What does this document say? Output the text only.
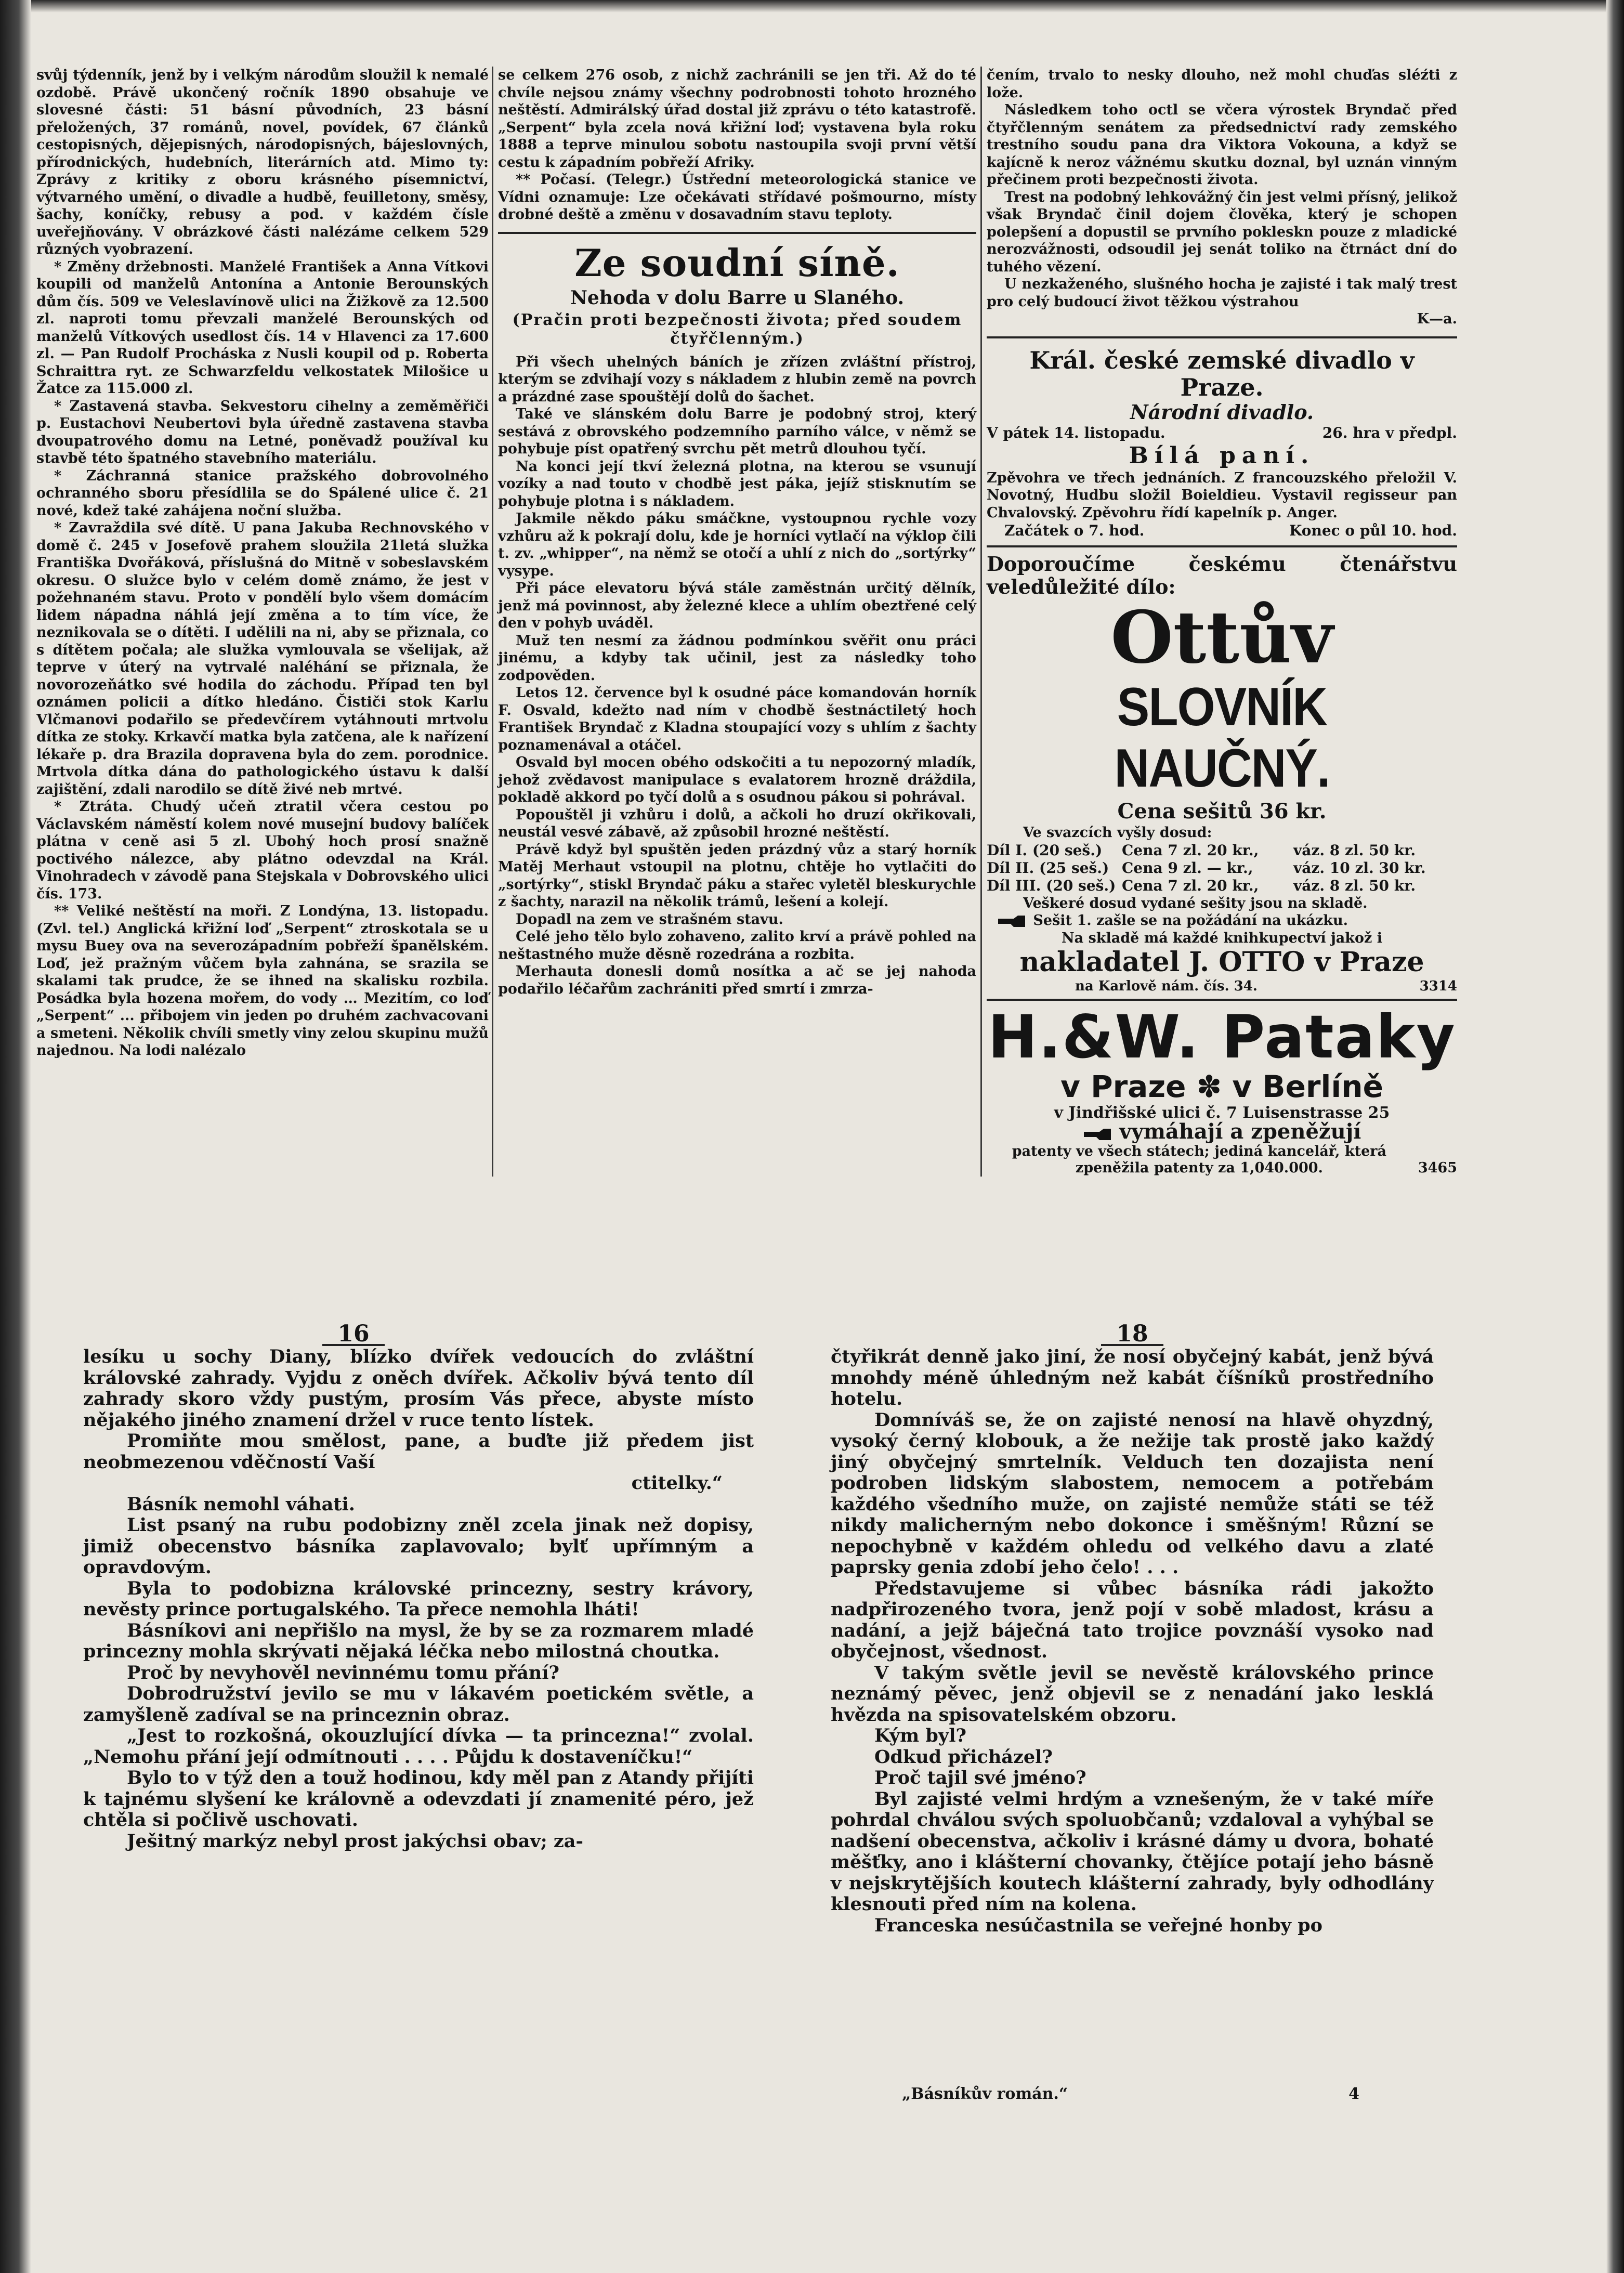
svůj týdenník, jenž by i velkým národům sloužil k nemalé ozdobě. Právě ukončený ročník 1890 obsahuje ve slovesné části: 51 básní původních, 23 básní přeložených, 37 románů, novel, povídek, 67 článků cestopisných, dějepisných, národopisných, bájeslovných, přírodnických, hudebních, literárních atd. Mimo ty: Zprávy z kritiky z oboru krásného písemnictví, výtvarného umění, o divadle a hudbě, feuilletony, směsy, šachy, koníčky, rebusy a pod. v každém čísle uveřejňovány. V obrázkové části nalézáme celkem 529 různých vyobrazení.

* Změny držebnosti. Manželé František a Anna Vítkovi koupili od manželů Antonína a Antonie Berounských dům čís. 509 ve Veleslavínově ulici na Žižkově za 12.500 zl. naproti tomu převzali manželé Berounských od manželů Vítkových usedlost čís. 14 v Hlavenci za 17.600 zl. — Pan Rudolf Procháska z Nusli koupil od p. Roberta Schraittra ryt. ze Schwarzfeldu velkostatek Milošice u Žatce za 115.000 zl.

* Zastavená stavba. Sekvestoru cihelny a zeměměřiči p. Eustachovi Neubertovi byla úředně zastavena stavba dvoupatrového domu na Letné, poněvadž používal ku stavbě této špatného stavebního materiálu.

* Záchranná stanice pražského dobrovolného ochranného sboru přesídlila se do Spálené ulice č. 21 nové, kdež také zahájena noční služba.

* Zavraždila své dítě. U pana Jakuba Rechnovského v domě č. 245 v Josefově prahem sloužila 21letá služka Františka Dvořáková, příslušná do Mitně v sobeslavském okresu. O služce bylo v celém domě známo, že jest v požehnaném stavu. Proto v pondělí bylo všem domácím lidem nápadna náhlá její změna a to tím více, že neznikovala se o dítěti. I udělili na ni, aby se přiznala, co s dítětem počala; ale služka vymlouvala se všelijak, až teprve v úterý na vytrvalé naléhání se přiznala, že novorozeňátko své hodila do záchodu. Případ ten byl oznámen policii a dítko hledáno. Čističi stok Karlu Vlčmanovi podařilo se předevčírem vytáhnouti mrtvolu dítka ze stoky. Krkavčí matka byla zatčena, ale k nařízení lékaře p. dra Brazila dopravena byla do zem. porodnice. Mrtvola dítka dána do pathologického ústavu k další zajištění, zdali narodilo se dítě živé neb mrtvé.

* Ztráta. Chudý učeň ztratil včera cestou po Václavském náměstí kolem nové musejní budovy balíček plátna v ceně asi 5 zl. Ubohý hoch prosí snažně poctivého nálezce, aby plátno odevzdal na Král. Vinohradech v závodě pana Stejskala v Dobrovského ulici čís. 173.

** Veliké neštěstí na moři. Z Londýna, 13. listopadu. (Zvl. tel.) Anglická křižní loď „Serpent“ ztroskotala se u mysu Buey ova na severozápadním pobřeží španělském. Loď, jež pražným vůčem byla zahnána, se srazila se skalami tak prudce, že se ihned na skalisku rozbila. Posádka byla hozena mořem, do vody … Mezitím, co loď „Serpent“ ... přibojem vin jeden po druhém zachvacovani a smeteni. Několik chvíli smetly viny zelou skupinu mužů najednou. Na lodi nalézalo

se celkem 276 osob, z nichž zachránili se jen tři. Až do té chvíle nejsou známy všechny podrobnosti tohoto hrozného neštěstí. Admirálský úřad dostal již zprávu o této katastrofě. „Serpent“ byla zcela nová křižní loď; vystavena byla roku 1888 a teprve minulou sobotu nastoupila svoji první větší cestu k západním pobřeží Afriky.

** Počasí. (Telegr.) Ústřední meteorologická stanice ve Vídni oznamuje: Lze očekávati střídavé pošmourno, místy drobné deště a změnu v dosavadním stavu teploty.

Ze soudní síně.
Nehoda v dolu Barre u Slaného.
(Pračin proti bezpečnosti života; před soudem čtyřčlenným.)

Při všech uhelných báních je zřízen zvláštní přístroj, kterým se zdvihají vozy s nákladem z hlubin země na povrch a prázdné zase spouštějí dolů do šachet.

Také ve slánském dolu Barre je podobný stroj, který sestává z obrovského podzemního parního válce, v němž se pohybuje píst opatřený svrchu pět metrů dlouhou tyčí.

Na konci její tkví železná plotna, na kterou se vsunují vozíky a nad touto v chodbě jest páka, jejíž stisknutím se pohybuje plotna i s nákladem.

Jakmile někdo páku smáčkne, vystoupnou rychle vozy vzhůru až k pokrají dolu, kde je horníci vytlačí na výklop čili t. zv. „whipper“, na němž se otočí a uhlí z nich do „sortýrky“ vysype.

Při páce elevatoru bývá stále zaměstnán určitý dělník, jenž má povinnost, aby železné klece a uhlím obeztřené celý den v pohyb uváděl.

Muž ten nesmí za žádnou podmínkou svěřit onu práci jinému, a kdyby tak učinil, jest za následky toho zodpověden.

Letos 12. července byl k osudné páce komandován horník F. Osvald, kdežto nad ním v chodbě šestnáctiletý hoch František Bryndač z Kladna stoupající vozy s uhlím z šachty poznamenával a otáčel.

Osvald byl mocen obého odskočiti a tu nepozorný mladík, jehož zvědavost manipulace s evalatorem hrozně dráždila, pokladě akkord po tyčí dolů a s osudnou pákou si pohrával.

Popouštěl ji vzhůru i dolů, a ačkoli ho druzí okřikovali, neustál vesvé zábavě, až způsobil hrozné neštěstí.

Právě když byl spuštěn jeden prázdný vůz a starý horník Matěj Merhaut vstoupil na plotnu, chtěje ho vytlačiti do „sortýrky“, stiskl Bryndač páku a stařec vyletěl bleskurychle z šachty, narazil na několik trámů, lešení a kolejí.

Dopadl na zem ve strašném stavu.

Celé jeho tělo bylo zohaveno, zalito krví a právě pohled na neštastného muže děsně rozedrána a rozbita.

Merhauta donesli domů nosítka a ač se jej nahoda podařilo léčařům zachrániti před smrtí i zmrza-

čením, trvalo to nesky dlouho, než mohl chuďas sléźti z lože.

Následkem toho octl se včera výrostek Bryndač před čtyřčlenným senátem za předsednictví rady zemského trestního soudu pana dra Viktora Vokouna, a když se kajícně k neroz vážnému skutku doznal, byl uznán vinným přečinem proti bezpečnosti života.

Trest na podobný lehkovážný čin jest velmi přísný, jelikož však Bryndač činil dojem člověka, který je schopen polepšení a dopustil se prvního pokleskn pouze z mladické nerozvážnosti, odsoudil jej senát toliko na čtrnáct dní do tuhého vězení.

U nezkaženého, slušného hocha je zajisté i tak malý trest pro celý budoucí život těžkou výstrahou

K—a.
Král. české zemské divadlo v Praze.
Národní divadlo.
V pátek 14. listopadu.	26. hra v předpl.
Bílá paní.

Zpěvohra ve třech jednáních. Z francouzského přeložil V. Novotný, Hudbu složil Boieldieu. Vystavil regisseur pan Chvalovský. Zpěvohru řídí kapelník p. Anger.

Začátek o 7. hod.	Konec o půl 10. hod.
Doporoučíme českému čtenářstvu veledůležité dílo:
Ottův
SLOVNÍK NAUČNÝ.
Cena sešitů 36 kr.
Ve svazcích vyšly dosud:
Díl I. (20 seš.)	Cena 7 zl. 20 kr.,	váz. 8 zl. 50 kr.
Díl II. (25 seš.) Cena 9 zl. — kr.,	váz. 10 zl. 30 kr.
Díl III. (20 seš.) Cena 7 zl. 20 kr.,	váz. 8 zl. 50 kr.
Veškeré dosud vydané sešity jsou na skladě.
Sešit 1. zašle se na požádání na ukázku.
Na skladě má každé knihkupectví jakož i
nakladatel J. OTTO v Praze
na Karlově nám. čís. 34.	3314
H.&W. Pataky
v Praze ✽ v Berlíně
v Jindřišské ulici č. 7 Luisenstrasse 25
vymáhají a zpeněžují
patenty ve všech státech; jediná kancelář, která zpeněžila patenty za 1,040.000.	3465
16	18

lesíku u sochy Diany, blízko dvířek vedoucích do zvláštní královské zahrady. Vyjdu z oněch dvířek. Ačkoliv bývá tento díl zahrady skoro vždy pustým, prosím Vás přece, abyste místo nějakého jiného znamení držel v ruce tento lístek.

Promiňte mou smělost, pane, a buďte již předem jist neobmezenou vděčností Vaší

ctitelky.“

Básník nemohl váhati.

List psaný na rubu podobizny zněl zcela jinak než dopisy, jimiž obecenstvo básníka zaplavovalo; bylť upřímným a opravdovým.

Byla to podobizna královské princezny, sestry krávory, nevěsty prince portugalského. Ta přece nemohla lháti!

Básníkovi ani nepřišlo na mysl, že by se za rozmarem mladé princezny mohla skrývati nějaká léčka nebo milostná choutka.

Proč by nevyhověl nevinnému tomu přání?

Dobrodružství jevilo se mu v lákavém poetickém světle, a zamyšleně zadíval se na princeznin obraz.

„Jest to rozkošná, okouzlující dívka — ta princezna!“ zvolal. „Nemohu přání její odmítnouti . . . . Půjdu k dostaveníčku!“

Bylo to v týž den a touž hodinou, kdy měl pan z Atandy přijíti k tajnému slyšení ke královně a odevzdati jí znamenité péro, jež chtěla si počlivě uschovati.

Ješitný markýz nebyl prost jakýchsi obav; za-

čtyřikrát denně jako jiní, že nosí obyčejný kabát, jenž bývá mnohdy méně úhledným než kabát číšníků prostředního hotelu.

Domníváš se, že on zajisté nenosí na hlavě ohyzdný, vysoký černý klobouk, a že nežije tak prostě jako každý jiný obyčejný smrtelník. Velduch ten dozajista není podroben lidským slabostem, nemocem a potřebám každého všedního muže, on zajisté nemůže státi se též nikdy malicherným nebo dokonce i směšným! Různí se nepochybně v každém ohledu od velkého davu a zlaté paprsky genia zdobí jeho čelo! . . .

Představujeme si vůbec básníka rádi jakožto nadpřirozeného tvora, jenž pojí v sobě mladost, krásu a nadání, a jejž báječná tato trojice povznáší vysoko nad obyčejnost, všednost.

V takým světle jevil se nevěstě královského prince neznámý pěvec, jenž objevil se z nenadání jako lesklá hvězda na spisovatelském obzoru.

Kým byl?

Odkud přicházel?

Proč tajil své jméno?

Byl zajisté velmi hrdým a vznešeným, že v také míře pohrdal chválou svých spoluobčanů; vzdaloval a vyhýbal se nadšení obecenstva, ačkoliv i krásné dámy u dvora, bohaté měšťky, ano i klášterní chovanky, čtějíce potají jeho básně v nejskrytějších koutech klášterní zahrady, byly odhodlány klesnouti před ním na kolena.

Franceska nesúčastnila se veřejné honby po

„Básníkův román.“	4
